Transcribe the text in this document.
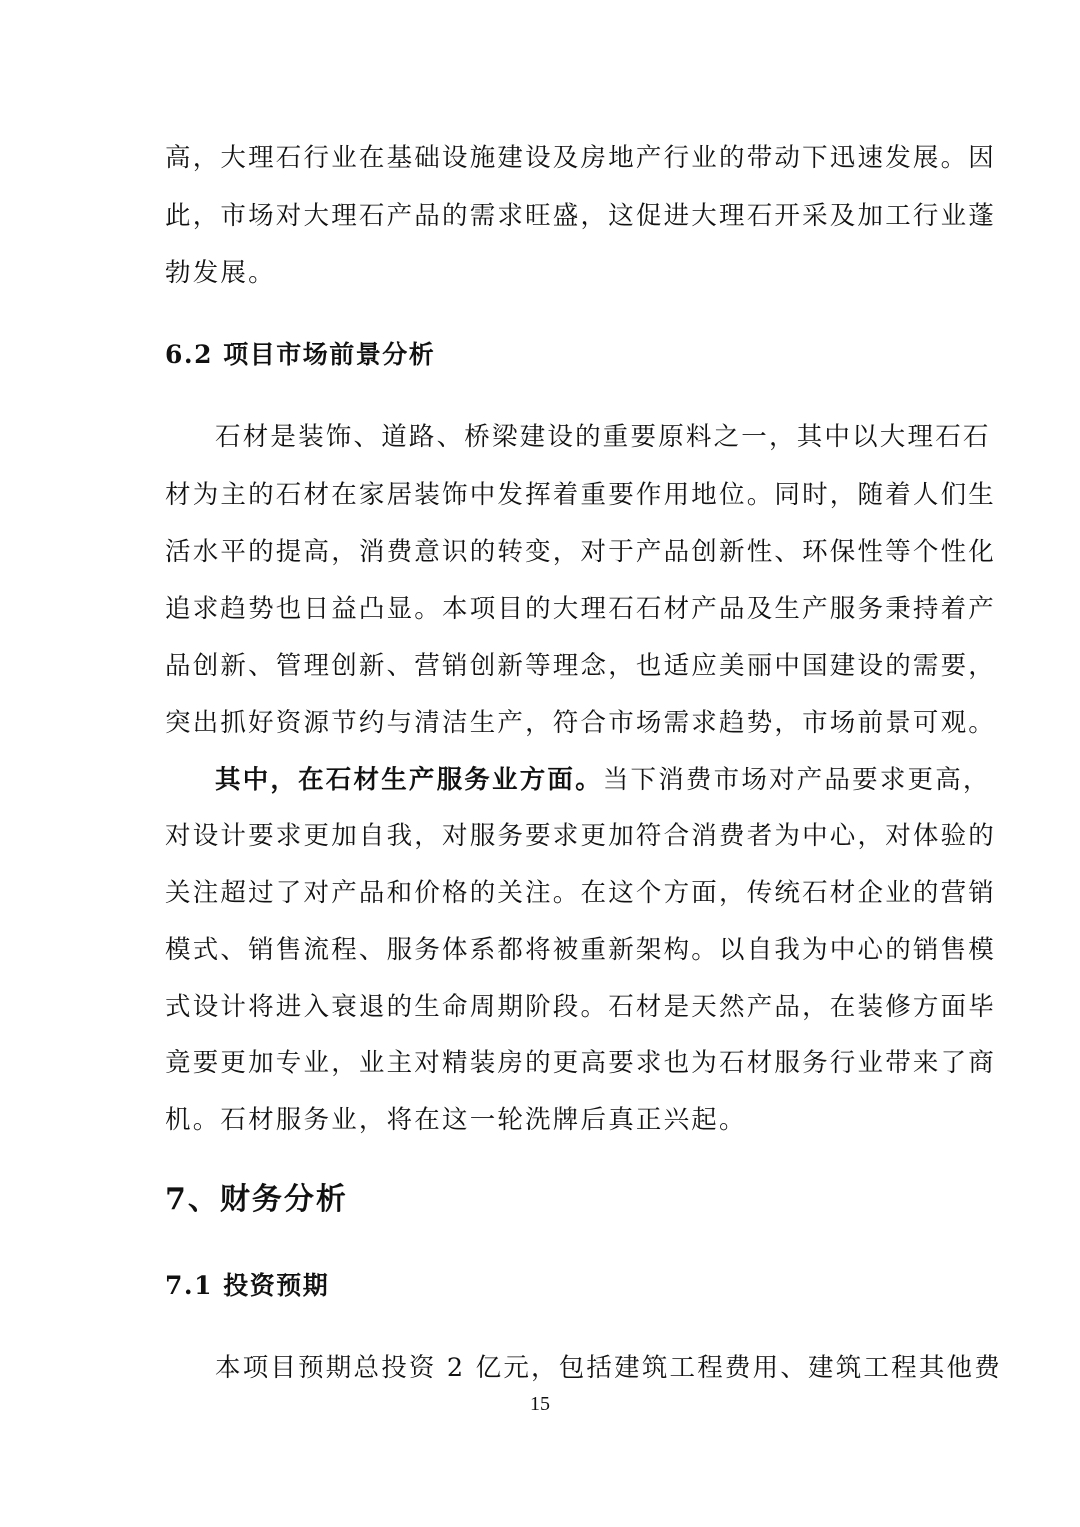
高，大理石行业在基础设施建设及房地产行业的带动下迅速发展。因
此，市场对大理石产品的需求旺盛，这促进大理石开采及加工行业蓬
勃发展。
6.2 项目市场前景分析
石材是装饰、道路、桥梁建设的重要原料之一，其中以大理石石
材为主的石材在家居装饰中发挥着重要作用地位。同时，随着人们生
活水平的提高，消费意识的转变，对于产品创新性、环保性等个性化
追求趋势也日益凸显。本项目的大理石石材产品及生产服务秉持着产
品创新、管理创新、营销创新等理念，也适应美丽中国建设的需要，
突出抓好资源节约与清洁生产，符合市场需求趋势，市场前景可观。
其中，在石材生产服务业方面。当下消费市场对产品要求更高，
对设计要求更加自我，对服务要求更加符合消费者为中心，对体验的
关注超过了对产品和价格的关注。在这个方面，传统石材企业的营销
模式、销售流程、服务体系都将被重新架构。以自我为中心的销售模
式设计将进入衰退的生命周期阶段。石材是天然产品，在装修方面毕
竟要更加专业，业主对精装房的更高要求也为石材服务行业带来了商
机。石材服务业，将在这一轮洗牌后真正兴起。
7、财务分析
7.1 投资预期
本项目预期总投资 2 亿元，包括建筑工程费用、建筑工程其他费
15
